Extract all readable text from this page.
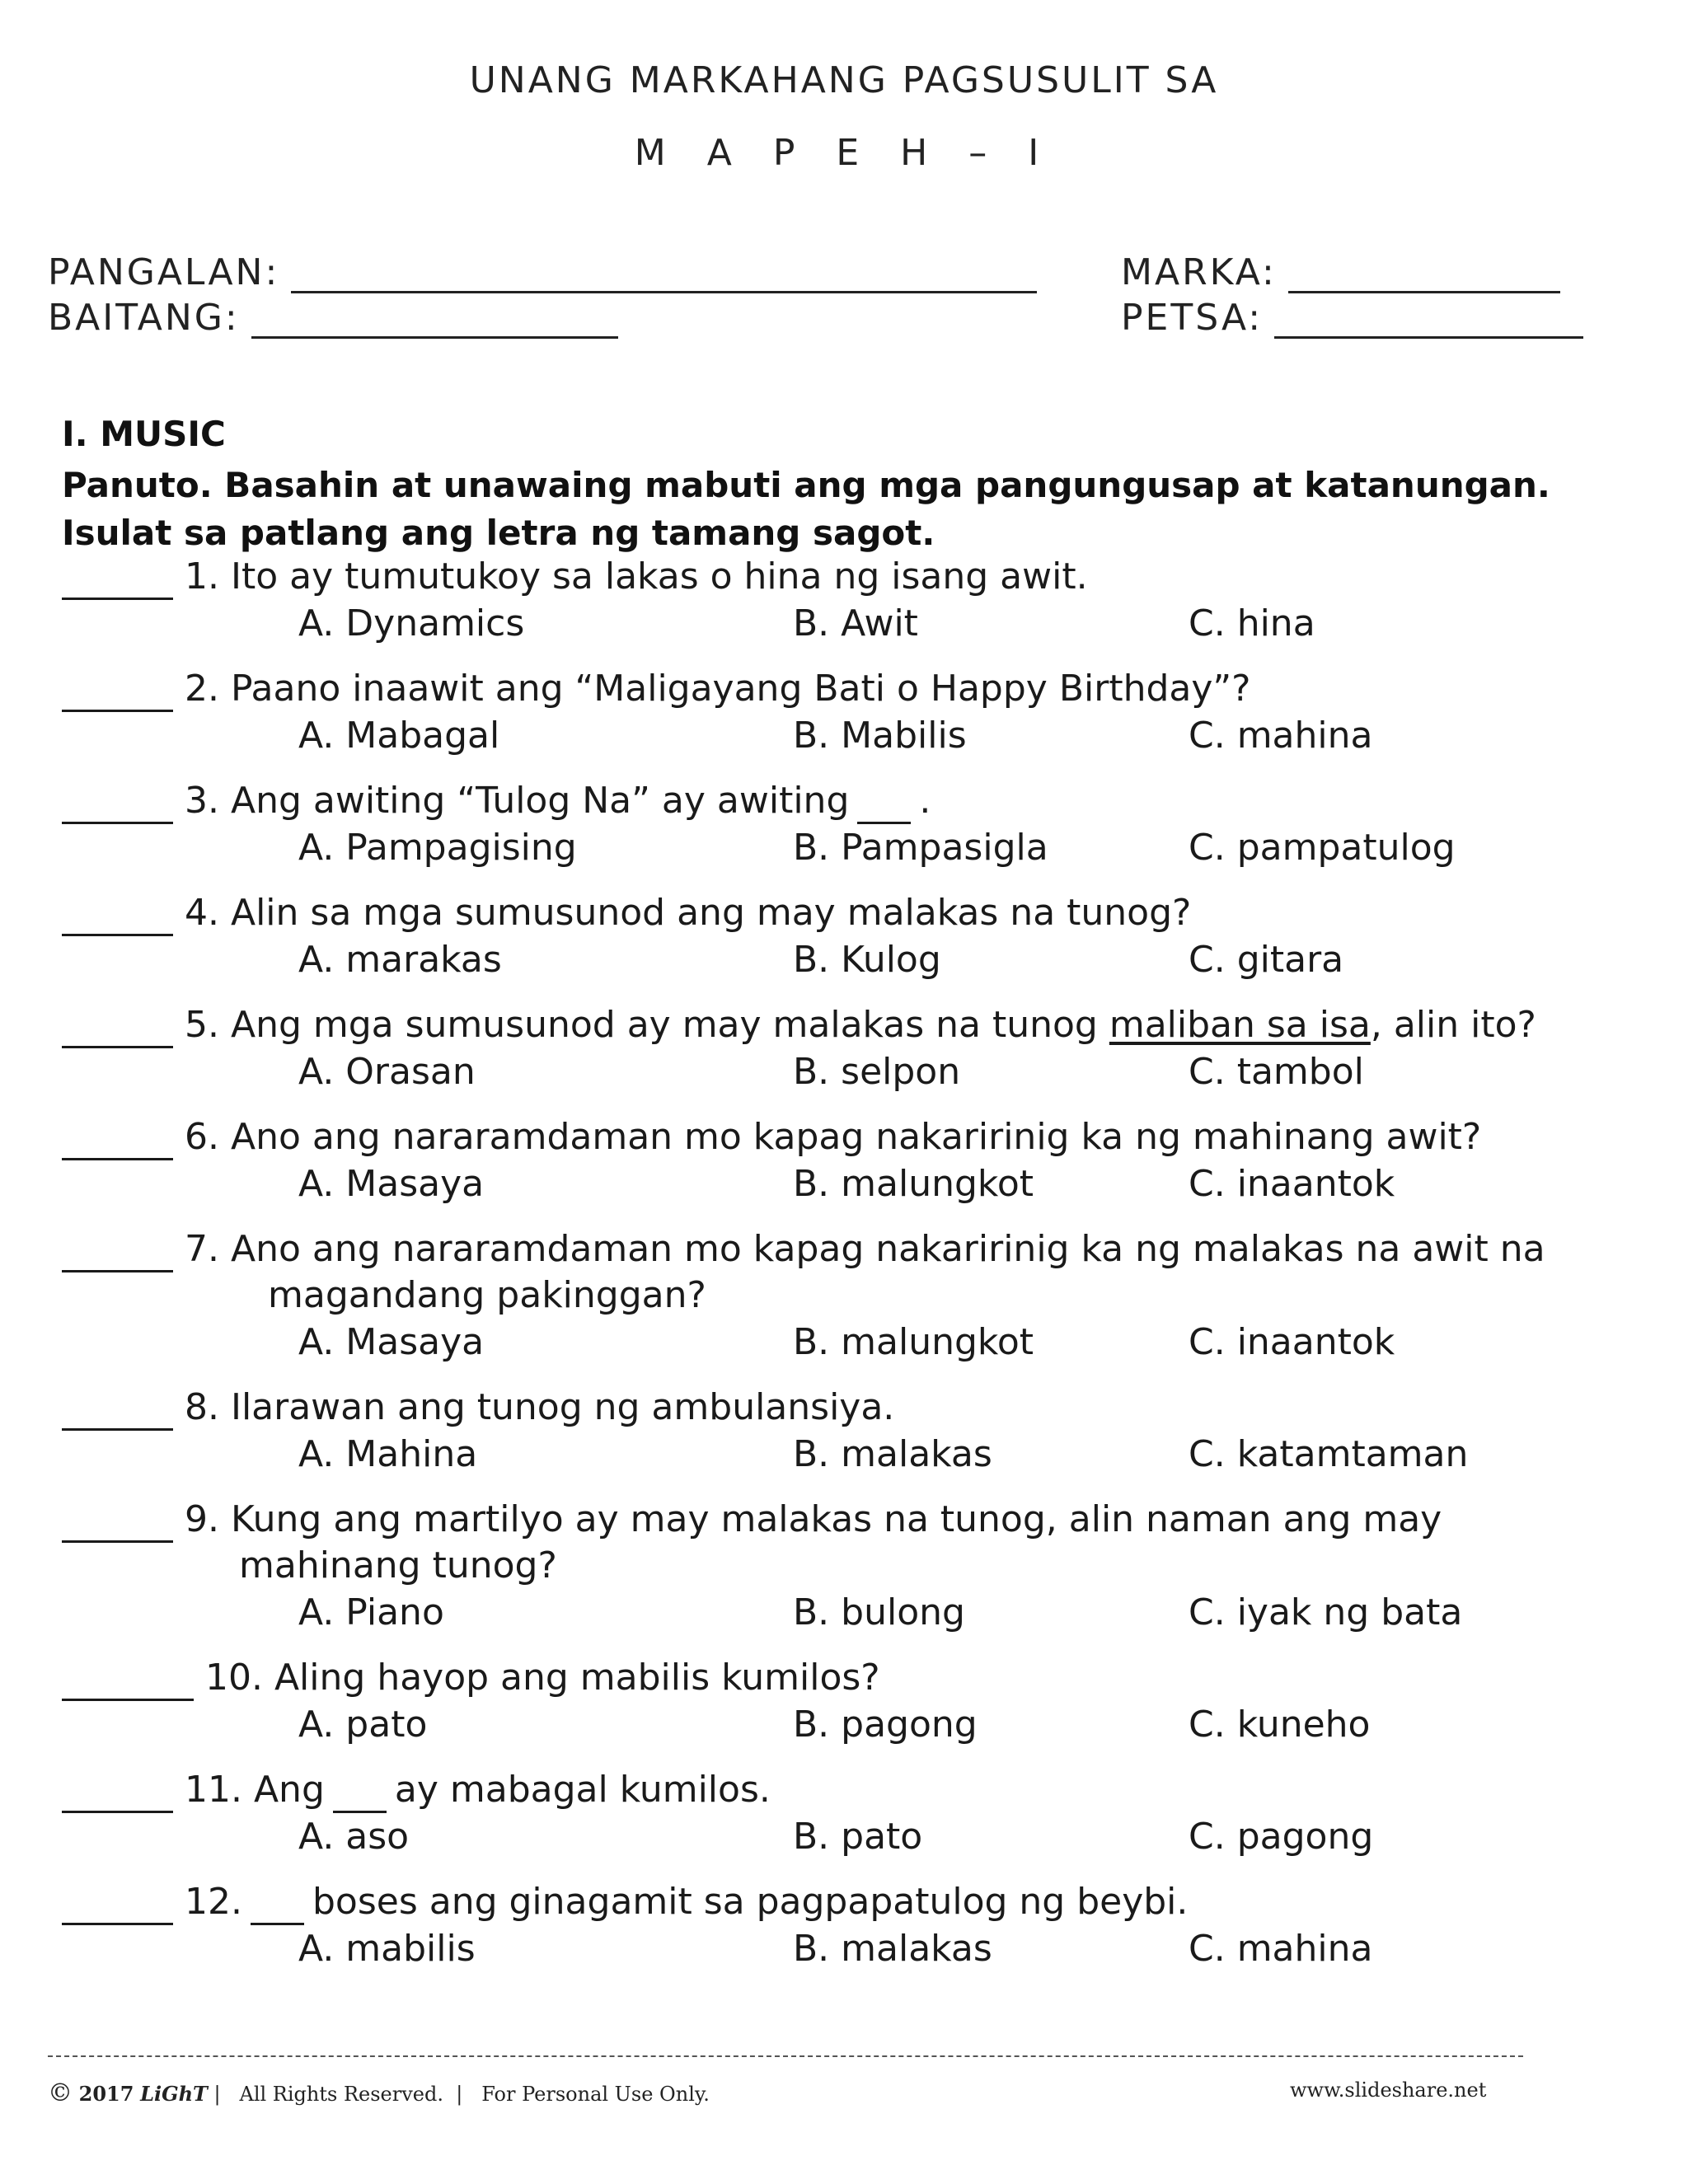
UNANG MARKAHANG PAGSUSULIT SA
M A P E H – I
PANGALAN:
BAITANG:
MARKA:
PETSA:
I. MUSIC
Panuto. Basahin at unawaing mabuti ang mga pangungusap at katanungan. Isulat sa patlang ang letra ng tamang sagot.
1. Ito ay tumutukoy sa lakas o hina ng isang awit.
A. Dynamics	B. Awit	C. hina
2. Paano inaawit ang “Maligayang Bati o Happy Birthday”?
A. Mabagal	B. Mabilis	C. mahina
3. Ang awiting “Tulog Na” ay awiting .
A. Pampagising	B. Pampasigla	C. pampatulog
4. Alin sa mga sumusunod ang may malakas na tunog?
A. marakas	B. Kulog	C. gitara
5. Ang mga sumusunod ay may malakas na tunog maliban sa isa , alin ito?
A. Orasan	B. selpon	C. tambol
6. Ano ang nararamdaman mo kapag nakaririnig ka ng mahinang awit?
A. Masaya	B. malungkot	C. inaantok
7. Ano ang nararamdaman mo kapag nakaririnig ka ng malakas na awit na
magandang pakinggan?
A. Masaya	B. malungkot	C. inaantok
8. Ilarawan ang tunog ng ambulansiya.
A. Mahina	B. malakas	C. katamtaman
9. Kung ang martilyo ay may malakas na tunog, alin naman ang may
mahinang tunog?
A. Piano	B. bulong	C. iyak ng bata
10. Aling hayop ang mabilis kumilos?
A. pato	B. pagong	C. kuneho
11. Ang ay mabagal kumilos.
A. aso	B. pato	C. pagong
12. boses ang ginagamit sa pagpapatulog ng beybi.
A. mabilis	B. malakas	C. mahina
© 2017 LiGhT |   All Rights Reserved.  |   For Personal Use Only.	www.slideshare.net
